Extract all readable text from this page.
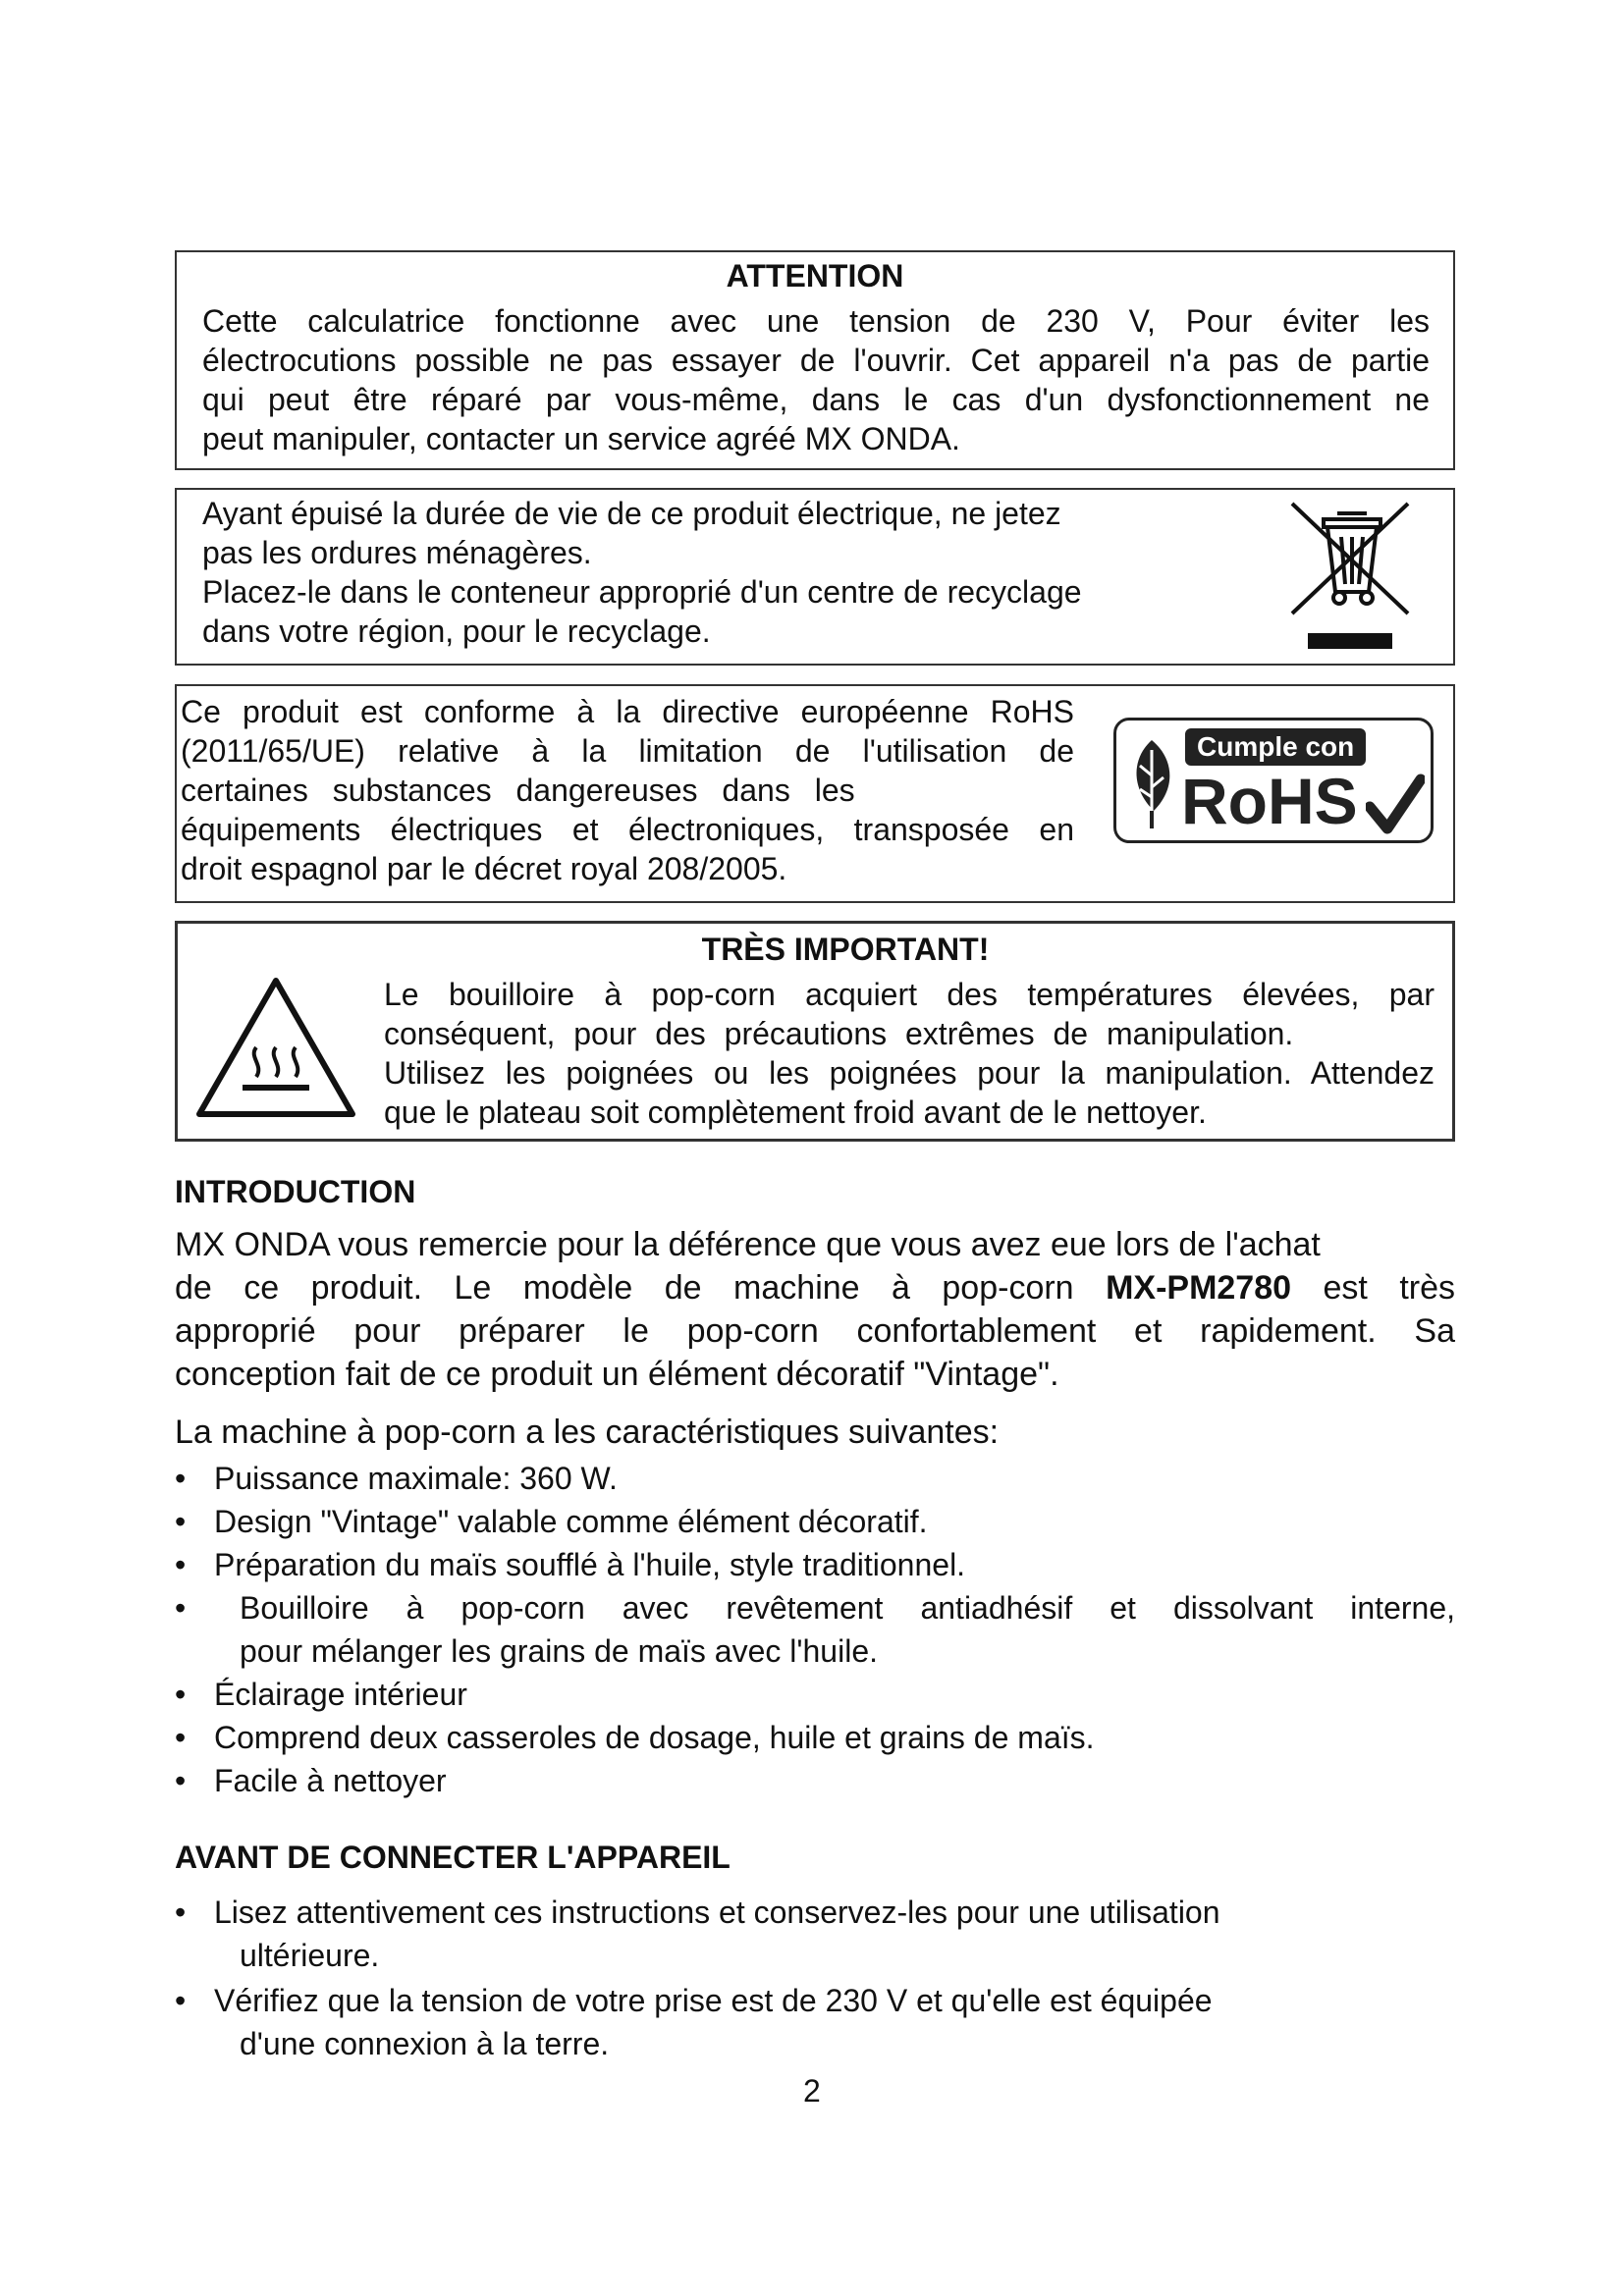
ATTENTION

Cette calculatrice fonctionne avec une tension de 230 V, Pour éviter les

électrocutions possible ne pas essayer de l'ouvrir. Cet appareil n'a pas de partie

qui peut être réparé par vous-même, dans le cas d'un dysfonctionnement ne

peut manipuler, contacter un service agréé MX ONDA.

Ayant épuisé la durée de vie de ce produit électrique, ne jetez

pas les ordures ménagères.

Placez-le dans le conteneur approprié d'un centre de recyclage

dans votre région, pour le recyclage.

Ce produit est conforme à la directive européenne RoHS

(2011/65/UE) relative à la limitation de l'utilisation de

certaines substances dangereuses dans les

équipements électriques et électroniques, transposée en

droit espagnol par le décret royal 208/2005.

Cumple con
RoHS
TRÈS IMPORTANT!

Le bouilloire à pop-corn acquiert des températures élevées, par

conséquent, pour des précautions extrêmes de manipulation.

Utilisez les poignées ou les poignées pour la manipulation. Attendez

que le plateau soit complètement froid avant de le nettoyer.

INTRODUCTION

MX ONDA vous remercie pour la déférence que vous avez eue lors de l'achat

de ce produit. Le modèle de machine à pop-corn MX-PM2780 est très

approprié pour préparer le pop-corn confortablement et rapidement. Sa

conception fait de ce produit un élément décoratif "Vintage".

La machine à pop-corn a les caractéristiques suivantes:
• Puissance maximale: 360 W.
• Design "Vintage" valable comme élément décoratif.
• Préparation du maïs soufflé à l'huile, style traditionnel.
•	Bouilloire à pop-corn avec revêtement antiadhésif et dissolvant interne,
pour mélanger les grains de maïs avec l'huile.
• Éclairage intérieur
• Comprend deux casseroles de dosage, huile et grains de maïs.
• Facile à nettoyer
AVANT DE CONNECTER L'APPAREIL
• Lisez attentivement ces instructions et conservez-les pour une utilisation
ultérieure.
• Vérifiez que la tension de votre prise est de 230 V et qu'elle est équipée
d'une connexion à la terre.
2
